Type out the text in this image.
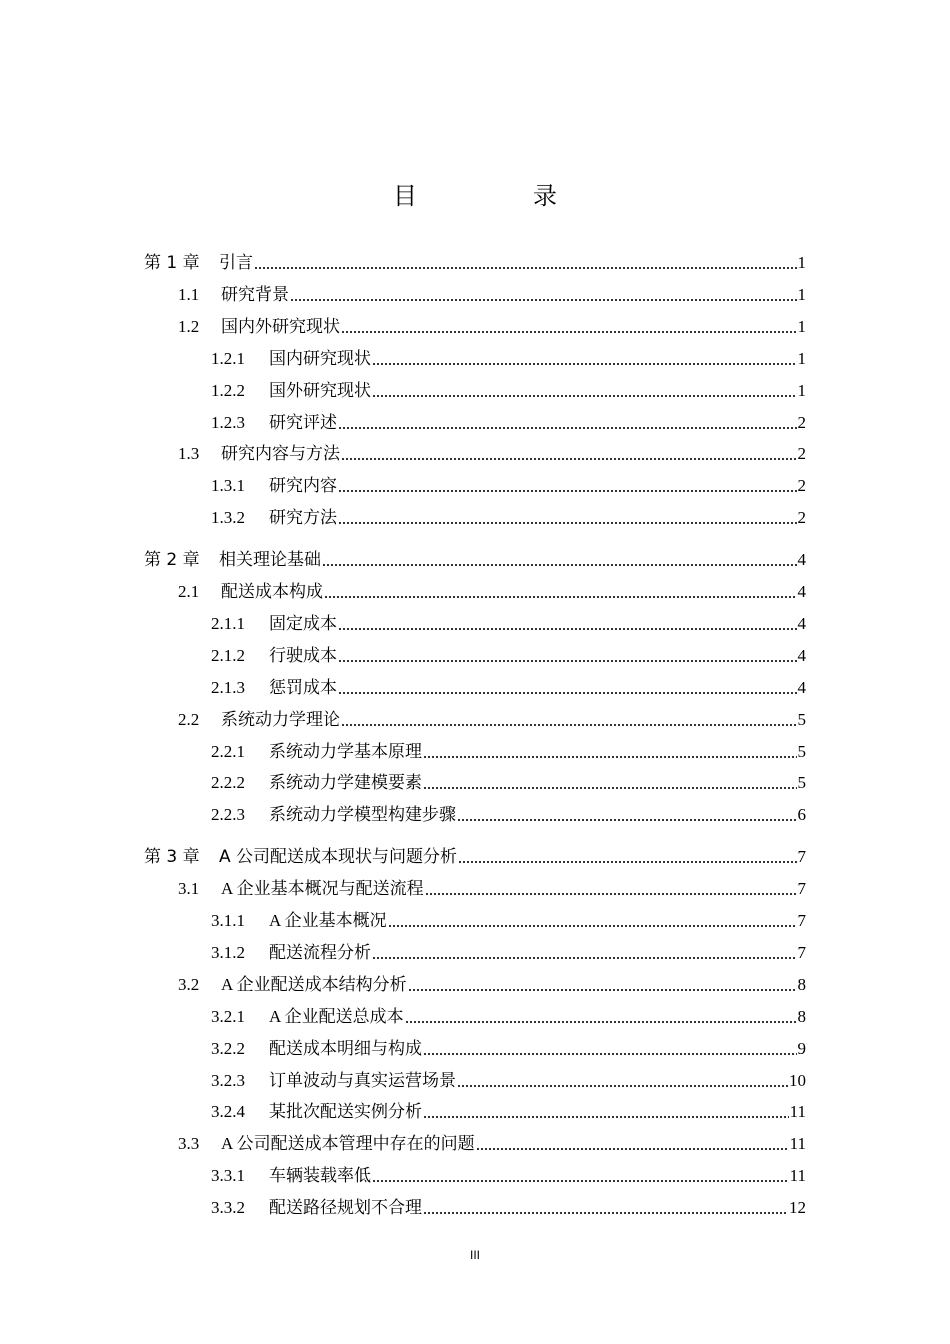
目　录
第 1 章	引言	1
1.1	研究背景	1
1.2	国内外研究现状	1
1.2.1	国内研究现状	1
1.2.2	国外研究现状	1
1.2.3	研究评述	2
1.3	研究内容与方法	2
1.3.1	研究内容	2
1.3.2	研究方法	2
第 2 章	相关理论基础	4
2.1	配送成本构成	4
2.1.1	固定成本	4
2.1.2	行驶成本	4
2.1.3	惩罚成本	4
2.2	系统动力学理论	5
2.2.1	系统动力学基本原理	5
2.2.2	系统动力学建模要素	5
2.2.3	系统动力学模型构建步骤	6
第 3 章	A 公司配送成本现状与问题分析	7
3.1	A 企业基本概况与配送流程	7
3.1.1	A 企业基本概况	7
3.1.2	配送流程分析	7
3.2	A 企业配送成本结构分析	8
3.2.1	A 企业配送总成本	8
3.2.2	配送成本明细与构成	9
3.2.3	订单波动与真实运营场景	10
3.2.4	某批次配送实例分析	11
3.3	A 公司配送成本管理中存在的问题	11
3.3.1	车辆装载率低	11
3.3.2	配送路径规划不合理	12
III
